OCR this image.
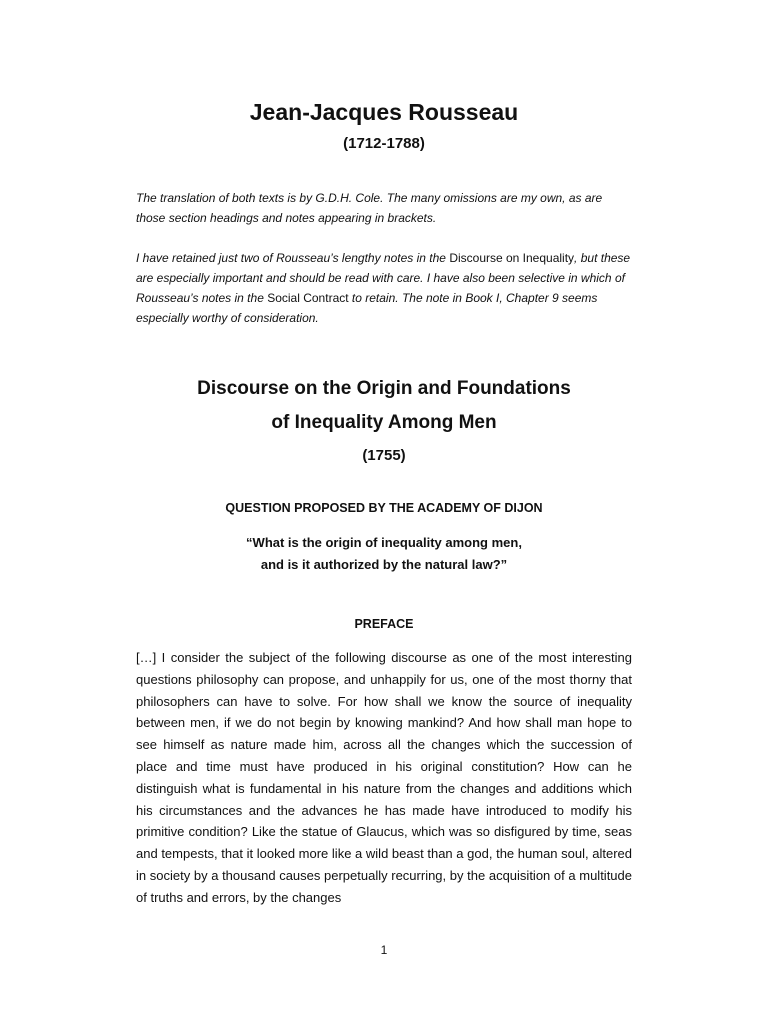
Jean-Jacques Rousseau

(1712-1788)

The translation of both texts is by G.D.H. Cole. The many omissions are my own, as are those section headings and notes appearing in brackets.

I have retained just two of Rousseau’s lengthy notes in the Discourse on Inequality, but these are especially important and should be read with care. I have also been selective in which of Rousseau’s notes in the Social Contract to retain. The note in Book I, Chapter 9 seems especially worthy of consideration.

Discourse on the Origin and Foundations
of Inequality Among Men

(1755)

QUESTION PROPOSED BY THE ACADEMY OF DIJON

“What is the origin of inequality among men,
and is it authorized by the natural law?”

PREFACE

[…] I consider the subject of the following discourse as one of the most interesting questions philosophy can propose, and unhappily for us, one of the most thorny that philosophers can have to solve. For how shall we know the source of inequality between men, if we do not begin by knowing mankind? And how shall man hope to see himself as nature made him, across all the changes which the succession of place and time must have produced in his original constitution? How can he distinguish what is fundamental in his nature from the changes and additions which his circumstances and the advances he has made have introduced to modify his primitive condition? Like the statue of Glaucus, which was so disfigured by time, seas and tempests, that it looked more like a wild beast than a god, the human soul, altered in society by a thousand causes perpetually recurring, by the acquisition of a multitude of truths and errors, by the changes

1
